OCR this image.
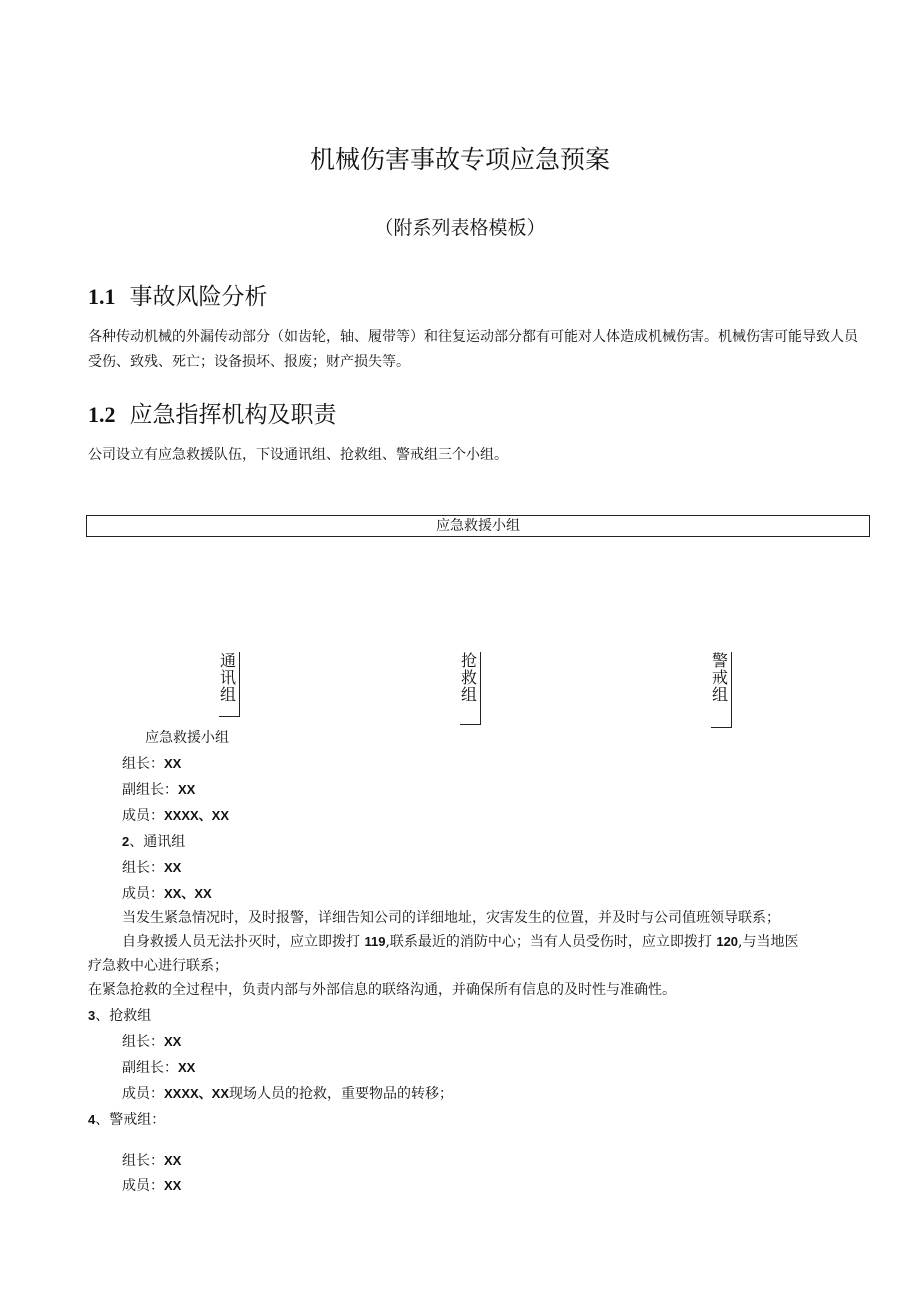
机械伤害事故专项应急预案
（附系列表格模板）
1.1 事故风险分析
各种传动机械的外漏传动部分（如齿轮，轴、履带等）和往复运动部分都有可能对人体造成机械伤害。机械伤害可能导致人员受伤、致残、死亡；设备损坏、报废；财产损失等。
1.2 应急指挥机构及职责
公司设立有应急救援队伍，下设通讯组、抢救组、警戒组三个小组。
应急救援小组
通讯组
抢救组
警戒组
应急救援小组
组长：XX
副组长：XX
成员：XXXX、XX
2、通讯组
组长：XX
成员：XX、XX
当发生紧急情况时，及时报警，详细告知公司的详细地址，灾害发生的位置，并及时与公司值班领导联系；
自身救援人员无法扑灭时，应立即拨打 119,联系最近的消防中心；当有人员受伤时，应立即拨打 120,与当地医
疗急救中心进行联系；
在紧急抢救的全过程中，负责内部与外部信息的联络沟通，并确保所有信息的及时性与准确性。
3、抢救组
组长：XX
副组长：XX
成员：XXXX、XX现场人员的抢救，重要物品的转移；
4、警戒组：
组长：XX
成员：XX
